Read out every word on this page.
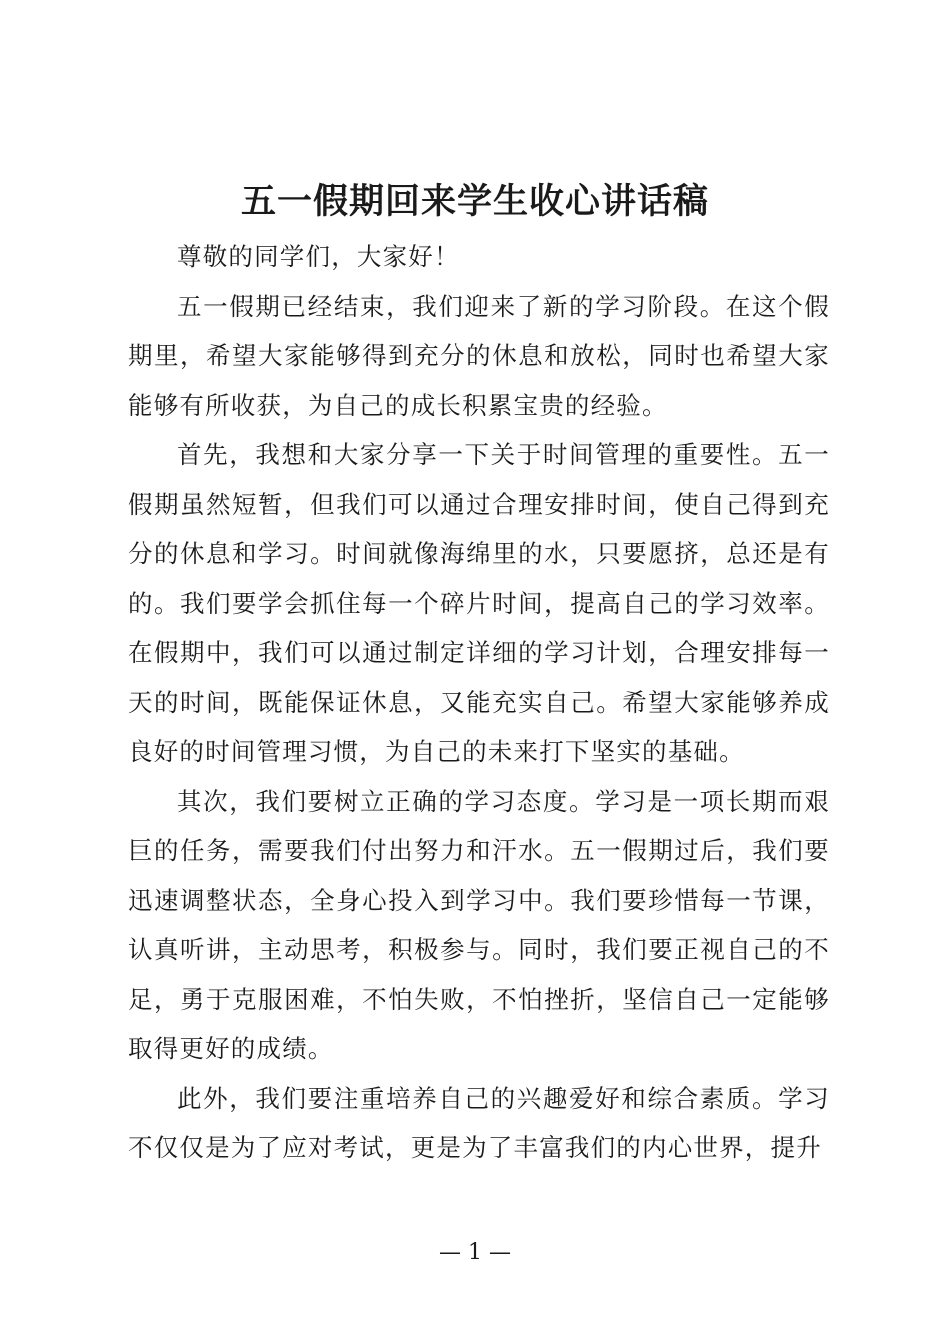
五一假期回来学生收心讲话稿

尊敬的同学们，大家好！

五一假期已经结束，我们迎来了新的学习阶段。在这个假期里，希望大家能够得到充分的休息和放松，同时也希望大家能够有所收获，为自己的成长积累宝贵的经验。

首先，我想和大家分享一下关于时间管理的重要性。五一假期虽然短暂，但我们可以通过合理安排时间，使自己得到充分的休息和学习。时间就像海绵里的水，只要愿挤，总还是有的。我们要学会抓住每一个碎片时间，提高自己的学习效率。在假期中，我们可以通过制定详细的学习计划，合理安排每一天的时间，既能保证休息，又能充实自己。希望大家能够养成良好的时间管理习惯，为自己的未来打下坚实的基础。

其次，我们要树立正确的学习态度。学习是一项长期而艰巨的任务，需要我们付出努力和汗水。五一假期过后，我们要迅速调整状态，全身心投入到学习中。我们要珍惜每一节课，认真听讲，主动思考，积极参与。同时，我们要正视自己的不足，勇于克服困难，不怕失败，不怕挫折，坚信自己一定能够取得更好的成绩。

此外，我们要注重培养自己的兴趣爱好和综合素质。学习不仅仅是为了应对考试，更是为了丰富我们的内心世界，提升

— 1 —
